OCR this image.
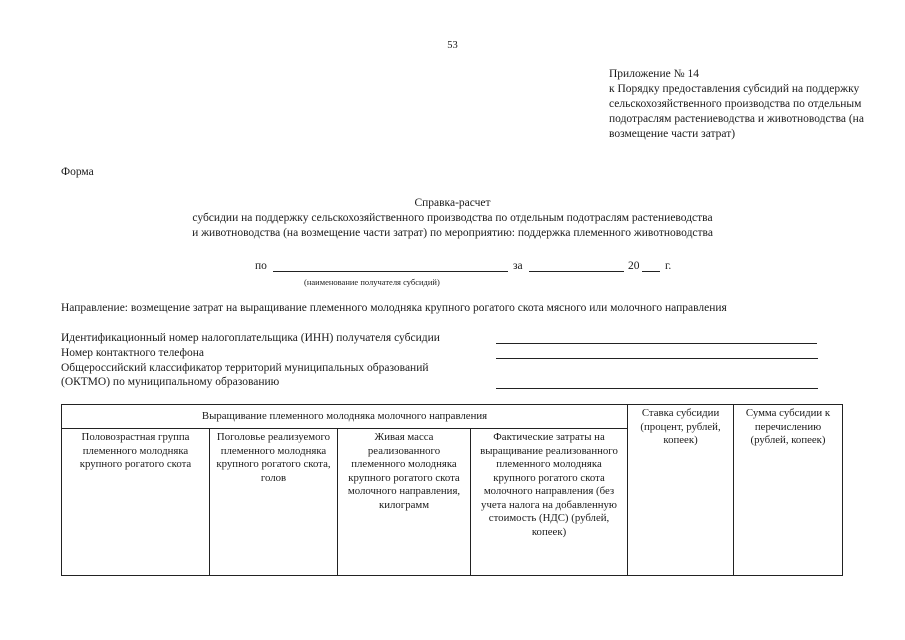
53
Приложение № 14
к Порядку предоставления субсидий на поддержку сельскохозяйственного производства по отдельным подотраслям растениеводства и животноводства (на возмещение части затрат)
Форма
Справка-расчет
субсидии на поддержку сельскохозяйственного производства по отдельным подотраслям растениеводства
и животноводства (на возмещение части затрат) по мероприятию: поддержка племенного животноводства
по	за	20 г.
(наименование получателя субсидий)
Направление: возмещение затрат на выращивание племенного молодняка крупного рогатого скота мясного или молочного направления
Идентификационный номер налогоплательщика (ИНН) получателя субсидии
Номер контактного телефона
Общероссийский классификатор территорий муниципальных образований
(ОКТМО) по муниципальному образованию
Выращивание племенного молодняка молочного направления				Ставка субсидии (процент, рублей, копеек)	Сумма субсидии к перечислению (рублей, копеек)
Половозрастная группа племенного молодняка крупного рогатого скота	Поголовье реализуемого племенного молодняка крупного рогатого скота, голов	Живая масса реализованного племенного молодняка крупного рогатого скота молочного направления, килограмм	Фактические затраты на выращивание реализованного племенного молодняка крупного рогатого скота молочного направления (без учета налога на добавленную стоимость (НДС) (рублей, копеек)		
